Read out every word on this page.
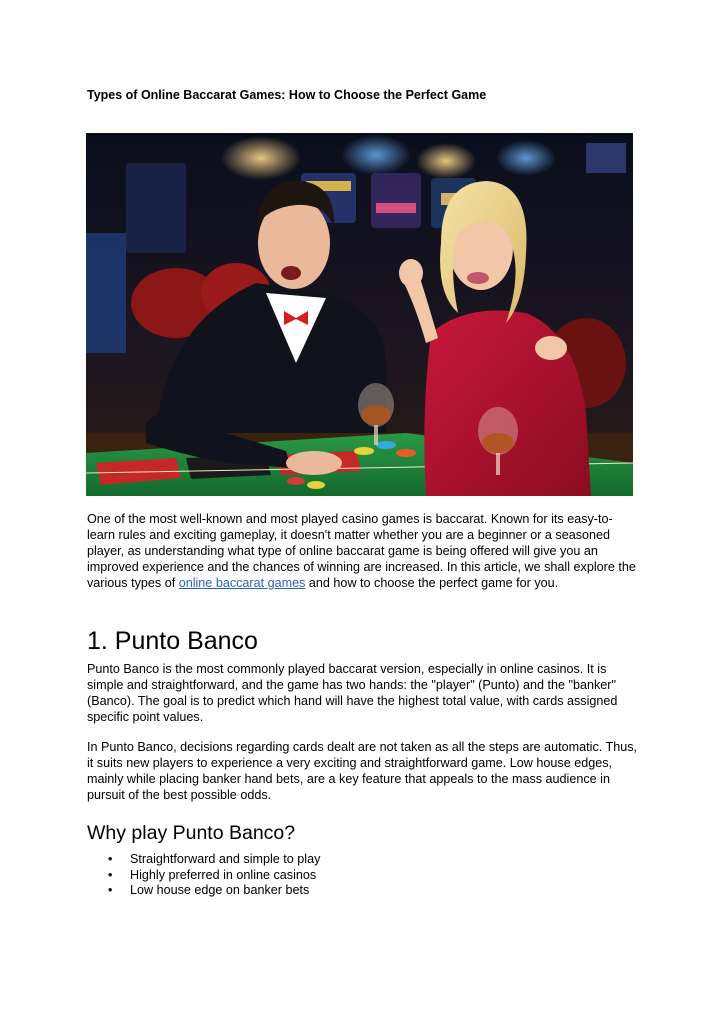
Types of Online Baccarat Games: How to Choose the Perfect Game

One of the most well-known and most played casino games is baccarat. Known for its easy-to-learn rules and exciting gameplay, it doesn't matter whether you are a beginner or a seasoned player, as understanding what type of online baccarat game is being offered will give you an improved experience and the chances of winning are increased. In this article, we shall explore the various types of online baccarat games and how to choose the perfect game for you.

1. Punto Banco

Punto Banco is the most commonly played baccarat version, especially in online casinos. It is simple and straightforward, and the game has two hands: the "player" (Punto) and the "banker" (Banco). The goal is to predict which hand will have the highest total value, with cards assigned specific point values.

In Punto Banco, decisions regarding cards dealt are not taken as all the steps are automatic. Thus, it suits new players to experience a very exciting and straightforward game. Low house edges, mainly while placing banker hand bets, are a key feature that appeals to the mass audience in pursuit of the best possible odds.

Why play Punto Banco?
• Straightforward and simple to play
• Highly preferred in online casinos
• Low house edge on banker bets
